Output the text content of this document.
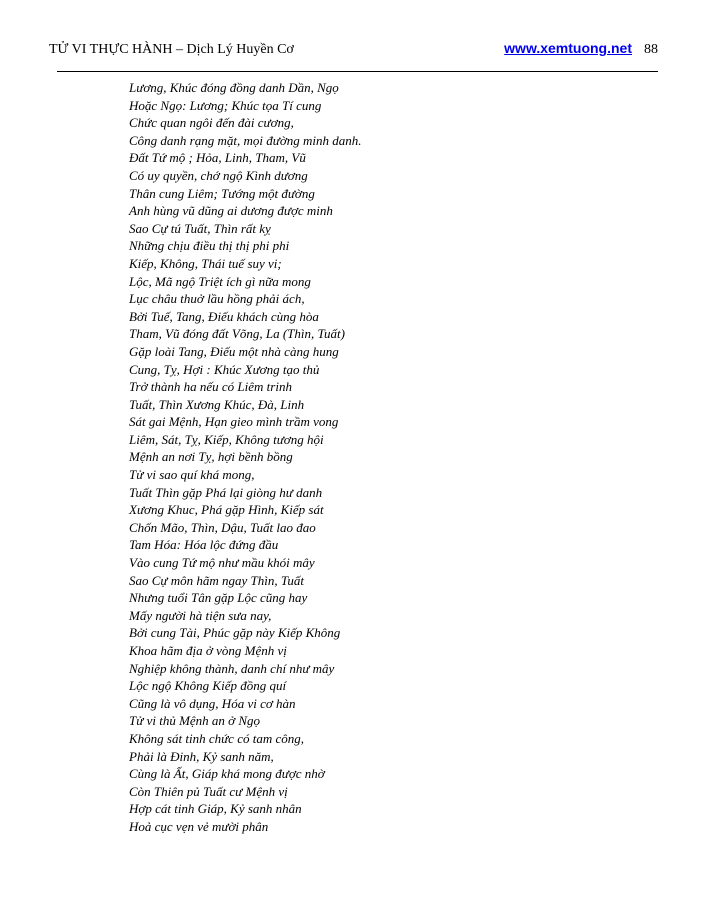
TỬ VI THỰC HÀNH – Dịch Lý Huyền Cơ	www.xemtuong.net 88
Lương, Khúc đóng đồng danh Dần, Ngọ
Hoặc Ngọ: Lương; Khúc tọa Tí cung
Chức quan ngôi đến đài cương,
Công danh rạng mặt, mọi đường minh danh.
Đất Tứ mộ ; Hỏa, Linh, Tham, Vũ
Có uy quyền, chớ ngộ Kình dương
Thân cung Liêm; Tướng một đường
Anh hùng vũ dũng ai dương được minh
Sao Cự tú Tuất, Thìn rất kỵ
Những chịu điều thị thị phi phi
Kiếp, Không, Thái tuế suy vi;
Lộc, Mã ngộ Triệt ích gì nữa mong
Lục châu thuở lầu hồng phải ách,
Bởi Tuế, Tang, Điếu khách cùng hòa
Tham, Vũ đóng đất Võng, La (Thìn, Tuất)
Gặp loài Tang, Điếu một nhà càng hung
Cung, Tỵ, Hợi : Khúc Xương tạo thủ
Trở thành ha nếu có Liêm trinh
Tuất, Thìn Xương Khúc, Đà, Linh
Sát gai Mệnh, Hạn gieo mình trầm vong
Liêm, Sát, Tỵ, Kiếp, Không tương hội
Mệnh an nơi Tỵ, hợi bềnh bồng
Tử vi sao quí khá mong,
Tuất Thìn gặp Phá lại giòng hư danh
Xương Khuc, Phá gặp Hình, Kiếp sát
Chốn Mão, Thìn, Dậu, Tuất lao đao
Tam Hóa: Hóa lộc đứng đầu
Vào cung Tứ mộ như mầu khói mây
Sao Cự môn hãm ngay Thìn, Tuất
Nhưng tuổi Tân gặp Lộc cũng hay
Mấy người hà tiện sưa nay,
Bởi cung Tài, Phúc gặp này Kiếp Không
Khoa hãm địa ở vòng Mệnh vị
Nghiệp không thành, danh chí như mây
Lộc ngộ Không Kiếp đồng quí
Cũng là vô dụng, Hóa vi cơ hàn
Tử vi thủ Mệnh an ở Ngọ
Không sát tinh chức có tam công,
Phải là Đinh, Kỷ sanh năm,
Cùng là Ất, Giáp khá mong được nhờ
Còn Thiên pủ Tuất cư Mệnh vị
Hợp cát tinh Giáp, Kỷ sanh nhân
Hoả cục vẹn vẻ mười phân
